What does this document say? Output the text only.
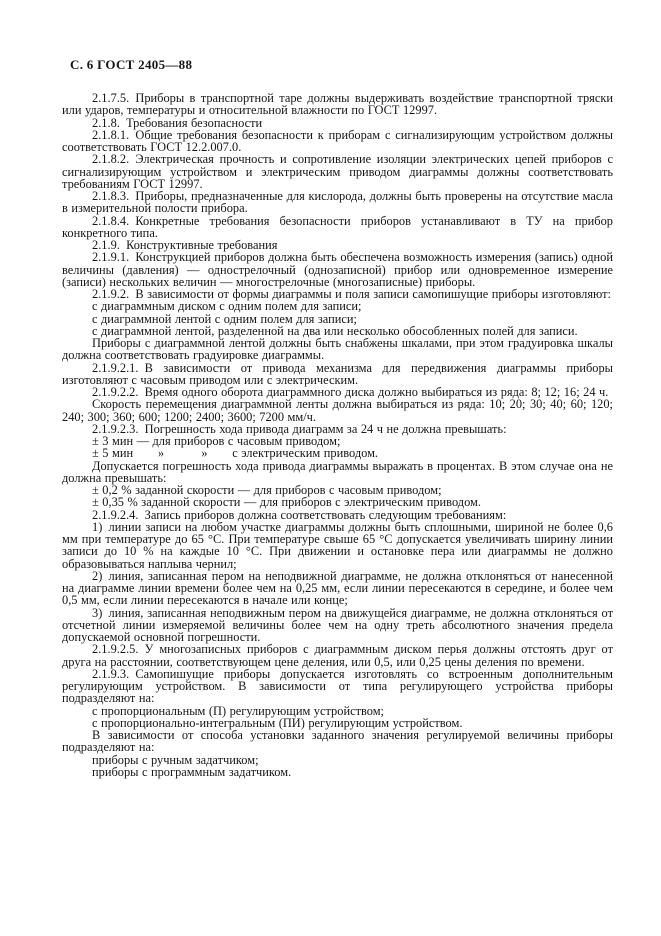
С. 6 ГОСТ 2405—88

2.1.7.5. Приборы в транспортной таре должны выдерживать воздействие транспортной тряски или ударов, температуры и относительной влажности по ГОСТ 12997.

2.1.8. Требования безопасности

2.1.8.1. Общие требования безопасности к приборам с сигнализирующим устройством должны соответствовать ГОСТ 12.2.007.0.

2.1.8.2. Электрическая прочность и сопротивление изоляции электрических цепей приборов с сигнализирующим устройством и электрическим приводом диаграммы должны соответствовать требованиям ГОСТ 12997.

2.1.8.3. Приборы, предназначенные для кислорода, должны быть проверены на отсутствие масла в измерительной полости прибора.

2.1.8.4. Конкретные требования безопасности приборов устанавливают в ТУ на прибор конкретного типа.

2.1.9. Конструктивные требования

2.1.9.1. Конструкцией приборов должна быть обеспечена возможность измерения (запись) одной величины (давления) — однострелочный (однозаписной) прибор или одновременное измерение (записи) нескольких величин — многострелочные (многозаписные) приборы.

2.1.9.2. В зависимости от формы диаграммы и поля записи самопишущие приборы изготовляют:

с диаграммным диском с одним полем для записи;

с диаграммной лентой с одним полем для записи;

с диаграммной лентой, разделенной на два или несколько обособленных полей для записи.

Приборы с диаграммной лентой должны быть снабжены шкалами, при этом градуировка шкалы должна соответствовать градуировке диаграммы.

2.1.9.2.1. В зависимости от привода механизма для передвижения диаграммы приборы изготовляют с часовым приводом или с электрическим.

2.1.9.2.2. Время одного оборота диаграммного диска должно выбираться из ряда: 8; 12; 16; 24 ч.

Скорость перемещения диаграммной ленты должна выбираться из ряда: 10; 20; 30; 40; 60; 120; 240; 300; 360; 600; 1200; 2400; 3600; 7200 мм/ч.

2.1.9.2.3. Погрешность хода привода диаграмм за 24 ч не должна превышать:

± 3 мин — для приборов с часовым приводом;

± 5 мин  »   »  с электрическим приводом.

Допускается погрешность хода привода диаграммы выражать в процентах. В этом случае она не должна превышать:

± 0,2 % заданной скорости — для приборов с часовым приводом;

± 0,35 % заданной скорости — для приборов с электрическим приводом.

2.1.9.2.4. Запись приборов должна соответствовать следующим требованиям:

1) линии записи на любом участке диаграммы должны быть сплошными, шириной не более 0,6 мм при температуре до 65 °С. При температуре свыше 65 °С допускается увеличивать ширину линии записи до 10 % на каждые 10 °С. При движении и остановке пера или диаграммы не должно образовываться наплыва чернил;

2) линия, записанная пером на неподвижной диаграмме, не должна отклоняться от нанесенной на диаграмме линии времени более чем на 0,25 мм, если линии пересекаются в середине, и более чем 0,5 мм, если линии пересекаются в начале или конце;

3) линия, записанная неподвижным пером на движущейся диаграмме, не должна отклоняться от отсчетной линии измеряемой величины более чем на одну треть абсолютного значения предела допускаемой основной погрешности.

2.1.9.2.5. У многозаписных приборов с диаграммным диском перья должны отстоять друг от друга на расстоянии, соответствующем цене деления, или 0,5, или 0,25 цены деления по времени.

2.1.9.3. Самопишущие приборы допускается изготовлять со встроенным дополнительным регулирующим устройством. В зависимости от типа регулирующего устройства приборы подразделяют на:

с пропорциональным (П) регулирующим устройством;

с пропорционально-интегральным (ПИ) регулирующим устройством.

В зависимости от способа установки заданного значения регулируемой величины приборы подразделяют на:

приборы с ручным задатчиком;

приборы с программным задатчиком.
